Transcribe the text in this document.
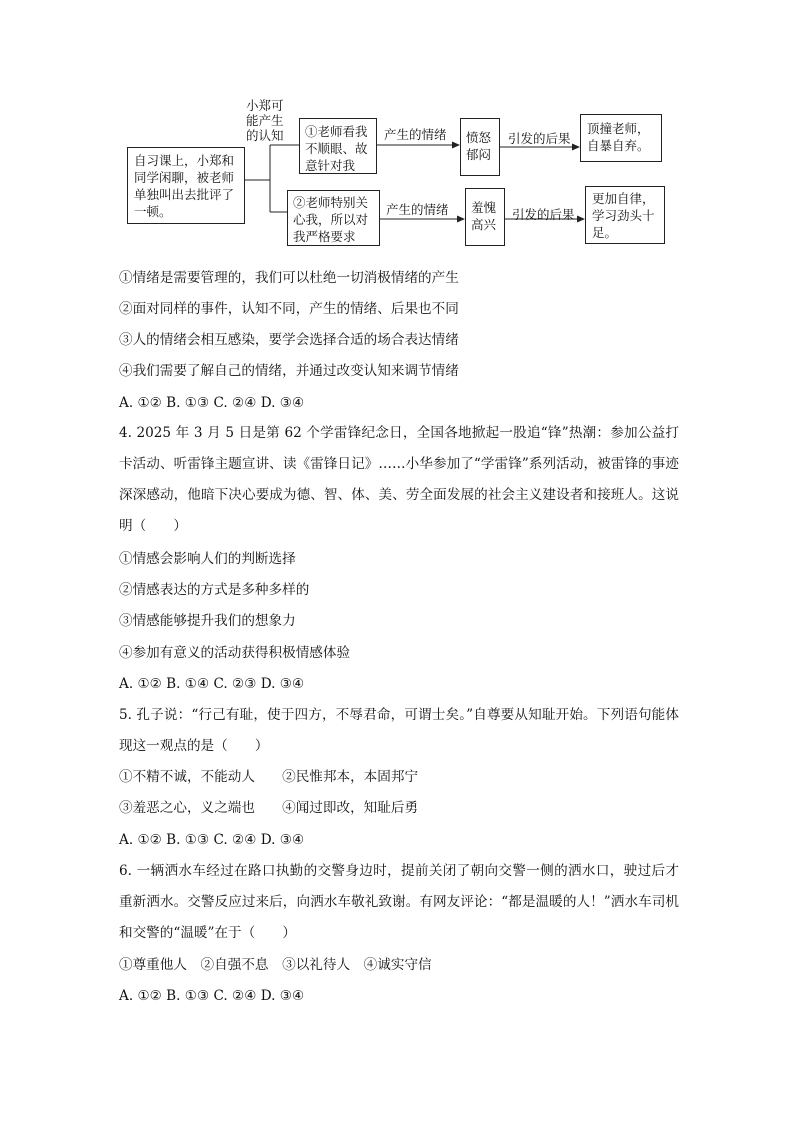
自习课上，小郑和同学闲聊，被老师单独叫出去批评了一顿。
小郑可
能产生
的认知	①老师看我不顺眼、故意针对我
②老师特别关心我，所以对我严格要求
产生的情绪
产生的情绪
愤怒郁闷
羞愧高兴
引发的后果
引发的后果
顶撞老师，自暴自弃。
更加自律，学习劲头十足。
①情绪是需要管理的，我们可以杜绝一切消极情绪的产生
②面对同样的事件，认知不同，产生的情绪、后果也不同
③人的情绪会相互感染，要学会选择合适的场合表达情绪
④我们需要了解自己的情绪，并通过改变认知来调节情绪
A. ①② B. ①③ C. ②④ D. ③④
4. 2025 年 3 月 5 日是第 62 个学雷锋纪念日，全国各地掀起一股追“锋”热潮：参加公益打卡活动、听雷锋主题宣讲、读《雷锋日记》……小华参加了“学雷锋”系列活动，被雷锋的事迹深深感动，他暗下决心要成为德、智、体、美、劳全面发展的社会主义建设者和接班人。这说明（　　）
①情感会影响人们的判断选择
②情感表达的方式是多种多样的
③情感能够提升我们的想象力
④参加有意义的活动获得积极情感体验
A. ①② B. ①④ C. ②③ D. ③④
5. 孔子说：“行己有耻，使于四方，不辱君命，可谓士矣。”自尊要从知耻开始。下列语句能体现这一观点的是（　　）
①不精不诚，不能动人　　②民惟邦本，本固邦宁
③羞恶之心，义之端也　　④闻过即改，知耻后勇
A. ①② B. ①③ C. ②④ D. ③④
6. 一辆洒水车经过在路口执勤的交警身边时，提前关闭了朝向交警一侧的洒水口，驶过后才重新洒水。交警反应过来后，向洒水车敬礼致谢。有网友评论：“都是温暖的人！”洒水车司机和交警的“温暖”在于（　　）
①尊重他人　②自强不息　③以礼待人　④诚实守信
A. ①② B. ①③ C. ②④ D. ③④
